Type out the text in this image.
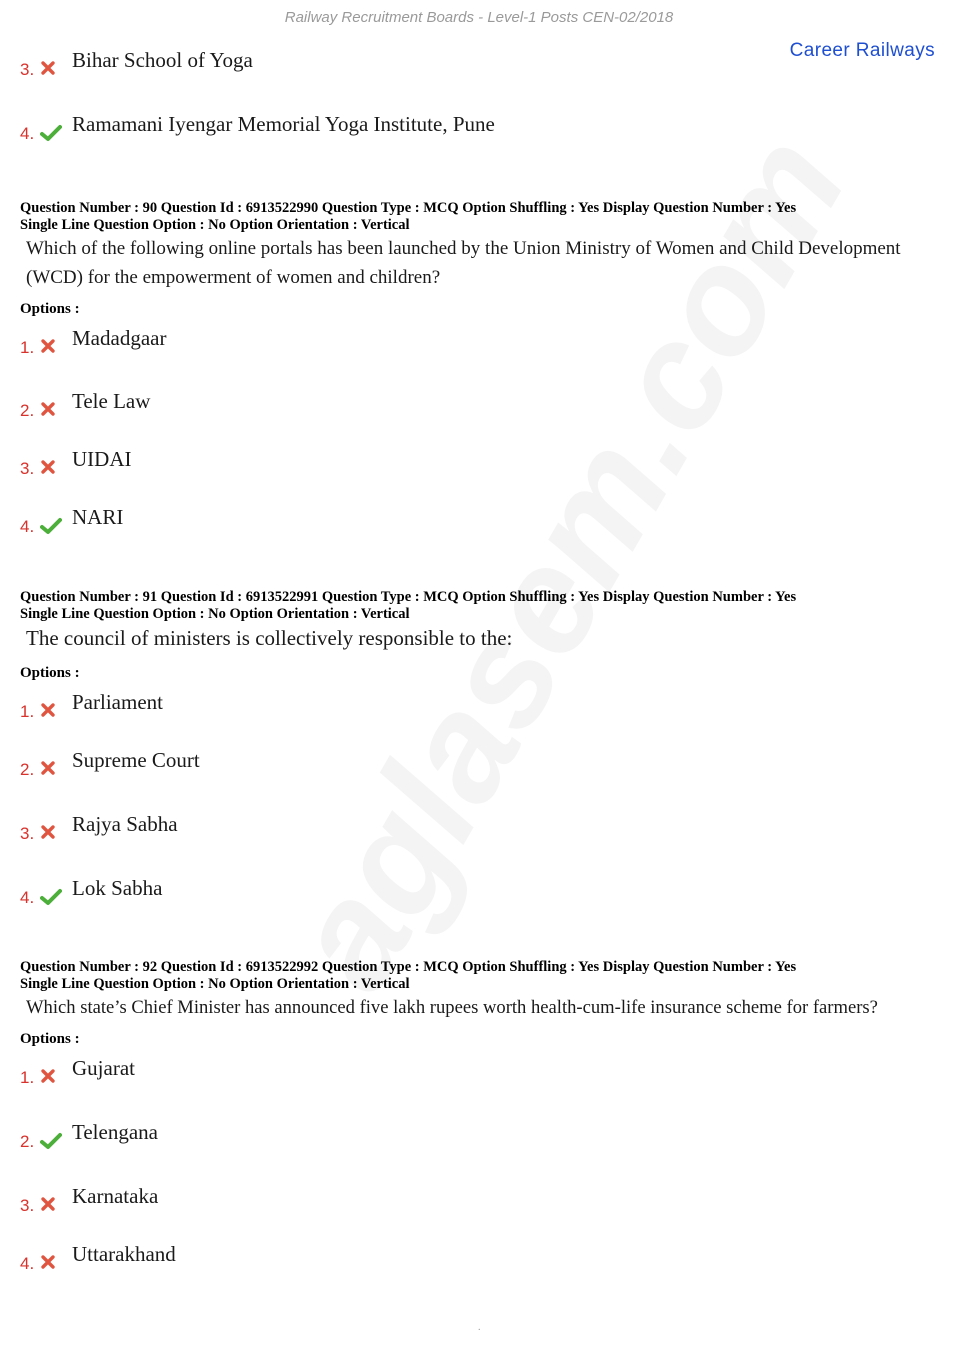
Railway Recruitment Boards - Level-1 Posts CEN-02/2018
Career Railways
3. Bihar School of Yoga
4. Ramamani Iyengar Memorial Yoga Institute, Pune
Question Number : 90 Question Id : 6913522990 Question Type : MCQ Option Shuffling : Yes Display Question Number : Yes
Single Line Question Option : No Option Orientation : Vertical
Which of the following online portals has been launched by the Union Ministry of Women and Child Development (WCD) for the empowerment of women and children?
Options :
1. Madadgaar
2. Tele Law
3. UIDAI
4. NARI
Question Number : 91 Question Id : 6913522991 Question Type : MCQ Option Shuffling : Yes Display Question Number : Yes
Single Line Question Option : No Option Orientation : Vertical
The council of ministers is collectively responsible to the:
Options :
1. Parliament
2. Supreme Court
3. Rajya Sabha
4. Lok Sabha
Question Number : 92 Question Id : 6913522992 Question Type : MCQ Option Shuffling : Yes Display Question Number : Yes
Single Line Question Option : No Option Orientation : Vertical
Which state’s Chief Minister has announced five lakh rupees worth health-cum-life insurance scheme for farmers?
Options :
1. Gujarat
2. Telengana
3. Karnataka
4. Uttarakhand
.
